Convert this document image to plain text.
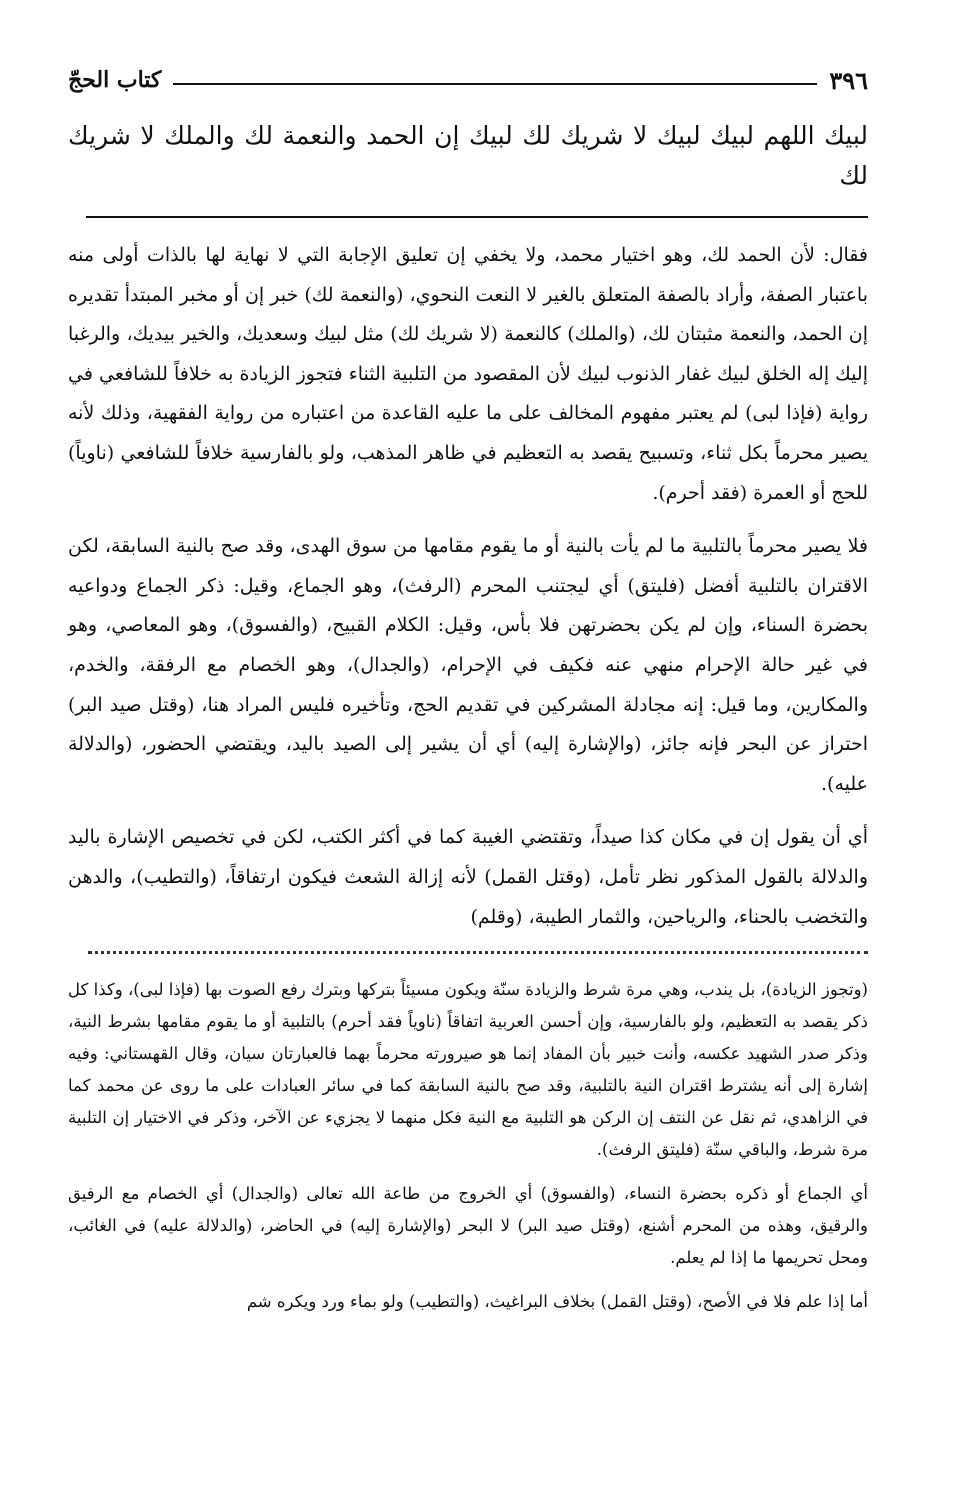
٣٩٦
كتاب الحجّ
لبيك اللهم لبيك لبيك لا شريك لك لبيك إن الحمد والنعمة لك والملك لا شريك لك

فقال: لأن الحمد لك، وهو اختيار محمد، ولا يخفي إن تعليق الإجابة التي لا نهاية لها بالذات أولى منه باعتبار الصفة، وأراد بالصفة المتعلق بالغير لا النعت النحوي، (والنعمة لك) خبر إن أو مخبر المبتدأ تقديره إن الحمد، والنعمة مثبتان لك، (والملك) كالنعمة (لا شريك لك) مثل لبيك وسعديك، والخير بيديك، والرغبا إليك إله الخلق لبيك غفار الذنوب لبيك لأن المقصود من التلبية الثناء فتجوز الزيادة به خلافاً للشافعي في رواية (فإذا لبى) لم يعتبر مفهوم المخالف على ما عليه القاعدة من اعتباره من رواية الفقهية، وذلك لأنه يصير محرماً بكل ثناء، وتسبيح يقصد به التعظيم في ظاهر المذهب، ولو بالفارسية خلافاً للشافعي (ناوياً) للحج أو العمرة (فقد أحرم).

فلا يصير محرماً بالتلبية ما لم يأت بالنية أو ما يقوم مقامها من سوق الهدى، وقد صح بالنية السابقة، لكن الاقتران بالتلبية أفضل (فليتق) أي ليجتنب المحرم (الرفث)، وهو الجماع، وقيل: ذكر الجماع ودواعيه بحضرة السناء، وإن لم يكن بحضرتهن فلا بأس، وقيل: الكلام القبيح، (والفسوق)، وهو المعاصي، وهو في غير حالة الإحرام منهي عنه فكيف في الإحرام، (والجدال)، وهو الخصام مع الرفقة، والخدم، والمكارين، وما قيل: إنه مجادلة المشركين في تقديم الحج، وتأخيره فليس المراد هنا، (وقتل صيد البر) احتراز عن البحر فإنه جائز، (والإشارة إليه) أي أن يشير إلى الصيد باليد، ويقتضي الحضور، (والدلالة عليه).

أي أن يقول إن في مكان كذا صيداً، وتقتضي الغيبة كما في أكثر الكتب، لكن في تخصيص الإشارة باليد والدلالة بالقول المذكور نظر تأمل، (وقتل القمل) لأنه إزالة الشعث فيكون ارتفاقاً، (والتطيب)، والدهن والتخضب بالحناء، والرياحين، والثمار الطيبة، (وقلم)

(وتجوز الزيادة)، بل يندب، وهي مرة شرط والزيادة سنّة ويكون مسيئاً بتركها وبترك رفع الصوت بها (فإذا لبى)، وكذا كل ذكر يقصد به التعظيم، ولو بالفارسية، وإن أحسن العربية اتفاقاً (ناوياً فقد أحرم) بالتلبية أو ما يقوم مقامها بشرط النية، وذكر صدر الشهيد عكسه، وأنت خبير بأن المفاد إنما هو صيرورته محرماً بهما فالعبارتان سيان، وقال القهستاني: وفيه إشارة إلى أنه يشترط اقتران النية بالتلبية، وقد صح بالنية السابقة كما في سائر العبادات على ما روى عن محمد كما في الزاهدي، ثم نقل عن النتف إن الركن هو التلبية مع النية فكل منهما لا يجزيء عن الآخر، وذكر في الاختيار إن التلبية مرة شرط، والباقي سنّة (فليتق الرفث).

أي الجماع أو ذكره بحضرة النساء، (والفسوق) أي الخروج من طاعة الله تعالى (والجدال) أي الخصام مع الرفيق والرقيق، وهذه من المحرم أشنع، (وقتل صيد البر) لا البحر (والإشارة إليه) في الحاضر، (والدلالة عليه) في الغائب، ومحل تحريمها ما إذا لم يعلم.

أما إذا علم فلا في الأصح، (وقتل القمل) بخلاف البراغيث، (والتطيب) ولو بماء ورد ويكره شم
